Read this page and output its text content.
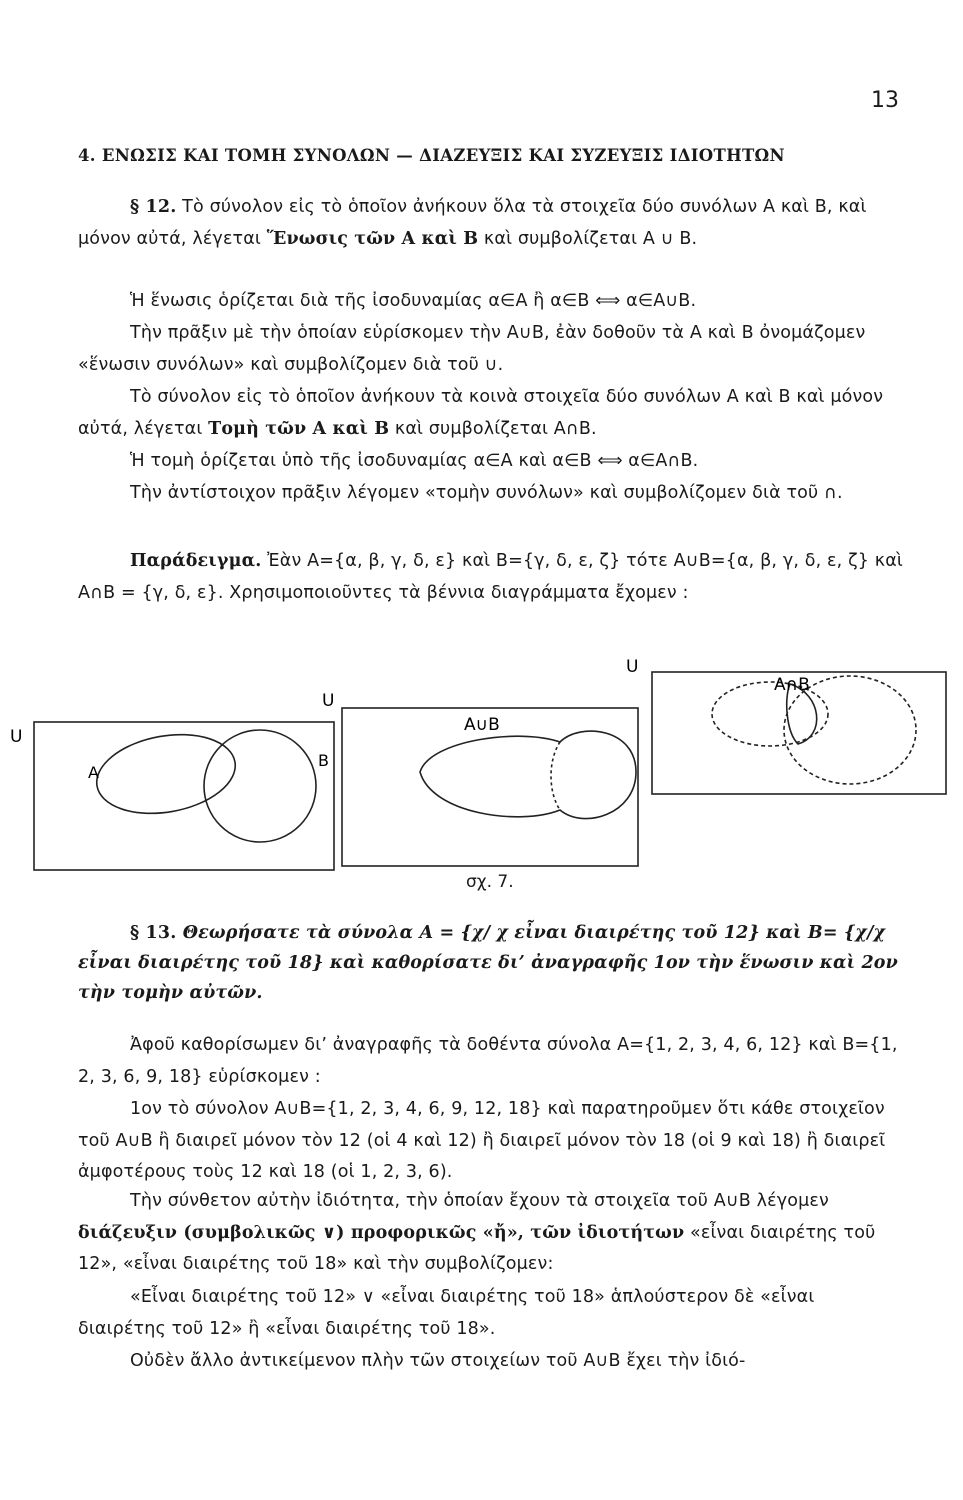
13
4. ΕΝΩΣΙΣ ΚΑΙ ΤΟΜΗ ΣΥΝΟΛΩΝ — ΔΙΑΖΕΥΞΙΣ ΚΑΙ ΣΥΖΕΥΞΙΣ ΙΔΙΟΤΗΤΩΝ
§ 12. Τὸ σύνολον εἰς τὸ ὁποῖον ἀνήκουν ὅλα τὰ στοιχεῖα δύο συνόλων Α καὶ Β, καὶ μόνον αὐτά, λέγεται Ἕνωσις τῶν Α καὶ Β καὶ συμβολίζεται Α ∪ Β.
Ἡ ἕνωσις ὁρίζεται διὰ τῆς ἰσοδυναμίας α∈Α ἢ α∈Β ⟺ α∈Α∪Β.
Τὴν πρᾶξιν μὲ τὴν ὁποίαν εὑρίσκομεν τὴν Α∪Β, ἐὰν δοθοῦν τὰ Α καὶ Β ὀνομάζομεν «ἕνωσιν συνόλων» καὶ συμβολίζομεν διὰ τοῦ ∪.
Τὸ σύνολον εἰς τὸ ὁποῖον ἀνήκουν τὰ κοινὰ στοιχεῖα δύο συνόλων Α καὶ Β καὶ μόνον αὐτά, λέγεται Τομὴ τῶν Α καὶ Β καὶ συμβολίζεται Α∩Β.
Ἡ τομὴ ὁρίζεται ὑπὸ τῆς ἰσοδυναμίας α∈Α καὶ α∈Β ⟺ α∈Α∩Β.
Τὴν ἀντίστοιχον πρᾶξιν λέγομεν «τομὴν συνόλων» καὶ συμβολίζομεν διὰ τοῦ ∩.
Παράδειγμα. Ἐὰν Α={α, β, γ, δ, ε} καὶ Β={γ, δ, ε, ζ} τότε Α∪Β={α, β, γ, δ, ε, ζ} καὶ Α∩Β = {γ, δ, ε}. Χρησιμοποιοῦντες τὰ βέννια διαγράμματα ἔχομεν :
U
A
B
U
A∪B
U
A∩B
σχ. 7.
§ 13. Θεωρήσατε τὰ σύνολα Α = {χ/ χ εἶναι διαιρέτης τοῦ 12} καὶ Β= {χ/χ εἶναι διαιρέτης τοῦ 18} καὶ καθορίσατε δι’ ἀναγραφῆς 1ον τὴν ἕνωσιν καὶ 2ον τὴν τομὴν αὐτῶν.
Ἀφοῦ καθορίσωμεν δι’ ἀναγραφῆς τὰ δοθέντα σύνολα Α={1, 2, 3, 4, 6, 12} καὶ Β={1, 2, 3, 6, 9, 18} εὑρίσκομεν :
1ον τὸ σύνολον Α∪Β={1, 2, 3, 4, 6, 9, 12, 18} καὶ παρατηροῦμεν ὅτι κάθε στοιχεῖον τοῦ Α∪Β ἢ διαιρεῖ μόνον τὸν 12 (οἱ 4 καὶ 12) ἢ διαιρεῖ μόνον τὸν 18 (οἱ 9 καὶ 18) ἢ διαιρεῖ ἀμφοτέρους τοὺς 12 καὶ 18 (οἱ 1, 2, 3, 6).
Τὴν σύνθετον αὐτὴν ἰδιότητα, τὴν ὁποίαν ἔχουν τὰ στοιχεῖα τοῦ Α∪Β λέγομεν διάζευξιν (συμβολικῶς ∨) προφορικῶς «ἤ», τῶν ἰδιοτήτων «εἶναι διαιρέτης τοῦ 12», «εἶναι διαιρέτης τοῦ 18» καὶ τὴν συμβολίζομεν:
«Εἶναι διαιρέτης τοῦ 12» ∨ «εἶναι διαιρέτης τοῦ 18» ἁπλούστερον δὲ «εἶναι διαιρέτης τοῦ 12» ἢ «εἶναι διαιρέτης τοῦ 18».
Οὐδὲν ἄλλο ἀντικείμενον πλὴν τῶν στοιχείων τοῦ Α∪Β ἔχει τὴν ἰδιό-
